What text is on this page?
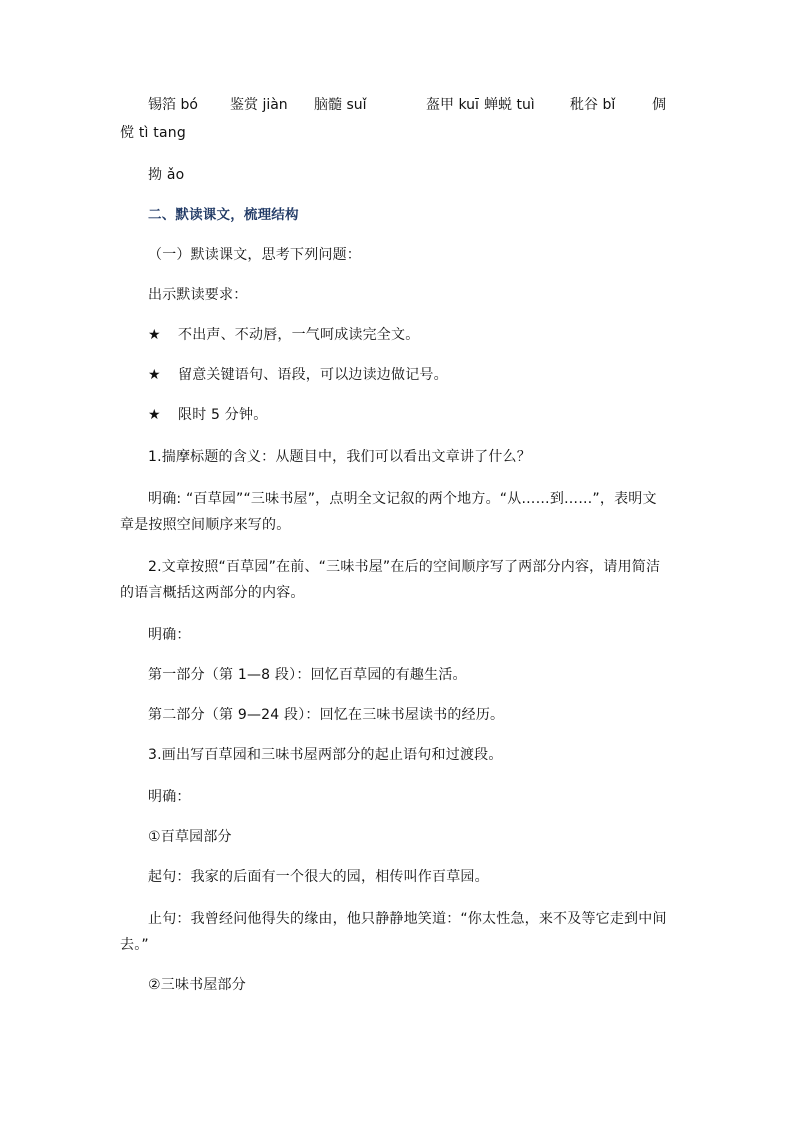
锡箔 bó 鉴赏 jiàn 脑髓 suǐ	盔甲 kuī 蝉蜕 tuì	秕谷 bǐ	倜
傥 tì tang
拗 ǎo
二、默读课文，梳理结构
（一）默读课文，思考下列问题：
出示默读要求：
★ 不出声、不动唇，一气呵成读完全文。
★ 留意关键语句、语段，可以边读边做记号。
★ 限时 5 分钟。
1.揣摩标题的含义：从题目中，我们可以看出文章讲了什么？
明确: “百草园”“三味书屋”，点明全文记叙的两个地方。“从……到……”，表明文章是按照空间顺序来写的。
2.文章按照“百草园”在前、“三味书屋”在后的空间顺序写了两部分内容，请用简洁的语言概括这两部分的内容。
明确：
第一部分（第 1—8 段）：回忆百草园的有趣生活。
第二部分（第 9—24 段）：回忆在三味书屋读书的经历。
3.画出写百草园和三味书屋两部分的起止语句和过渡段。
明确：
①百草园部分
起句：我家的后面有一个很大的园，相传叫作百草园。
止句：我曾经问他得失的缘由，他只静静地笑道：“你太性急，来不及等它走到中间去。”
②三味书屋部分
